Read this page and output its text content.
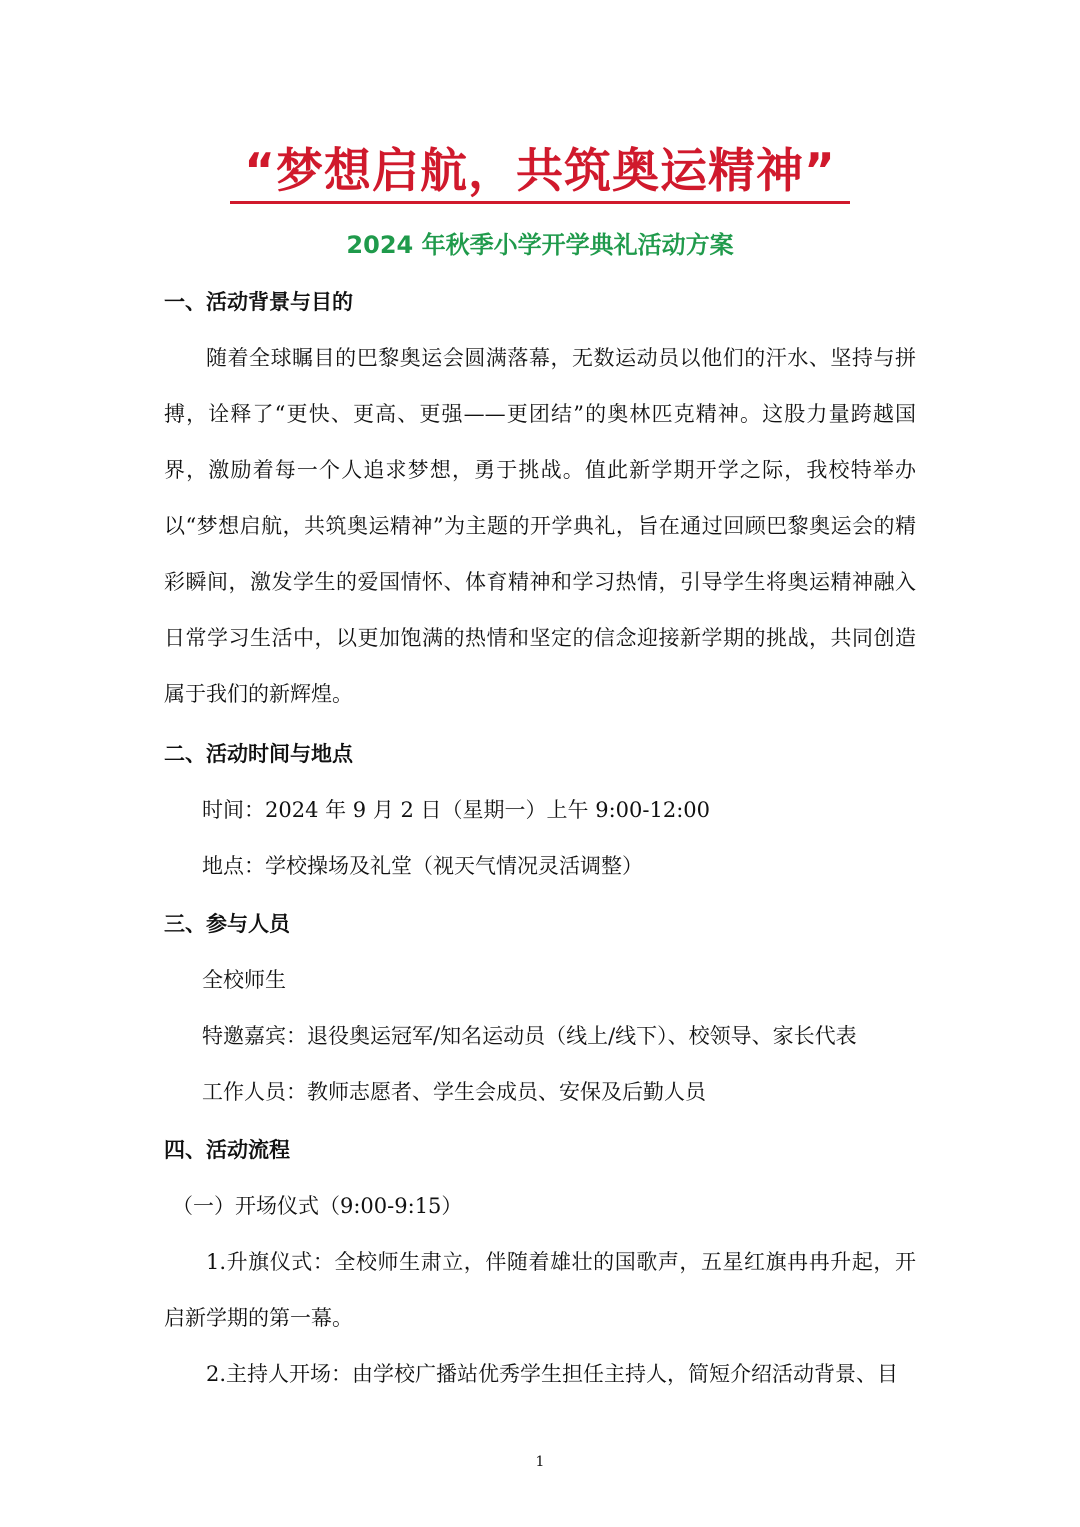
“梦想启航，共筑奥运精神”
2024 年秋季小学开学典礼活动方案
一、活动背景与目的

随着全球瞩目的巴黎奥运会圆满落幕，无数运动员以他们的汗水、坚持与拼搏，诠释了“更快、更高、更强——更团结”的奥林匹克精神。这股力量跨越国界，激励着每一个人追求梦想，勇于挑战。值此新学期开学之际，我校特举办以“梦想启航，共筑奥运精神”为主题的开学典礼，旨在通过回顾巴黎奥运会的精彩瞬间，激发学生的爱国情怀、体育精神和学习热情，引导学生将奥运精神融入日常学习生活中，以更加饱满的热情和坚定的信念迎接新学期的挑战，共同创造属于我们的新辉煌。

二、活动时间与地点
时间：2024 年 9 月 2 日（星期一）上午 9:00-12:00
地点：学校操场及礼堂（视天气情况灵活调整）
三、参与人员
全校师生
特邀嘉宾：退役奥运冠军/知名运动员（线上/线下）、校领导、家长代表
工作人员：教师志愿者、学生会成员、安保及后勤人员
四、活动流程
（一）开场仪式（9:00-9:15）

1.升旗仪式：全校师生肃立，伴随着雄壮的国歌声，五星红旗冉冉升起，开启新学期的第一幕。

2.主持人开场：由学校广播站优秀学生担任主持人，简短介绍活动背景、目

1
